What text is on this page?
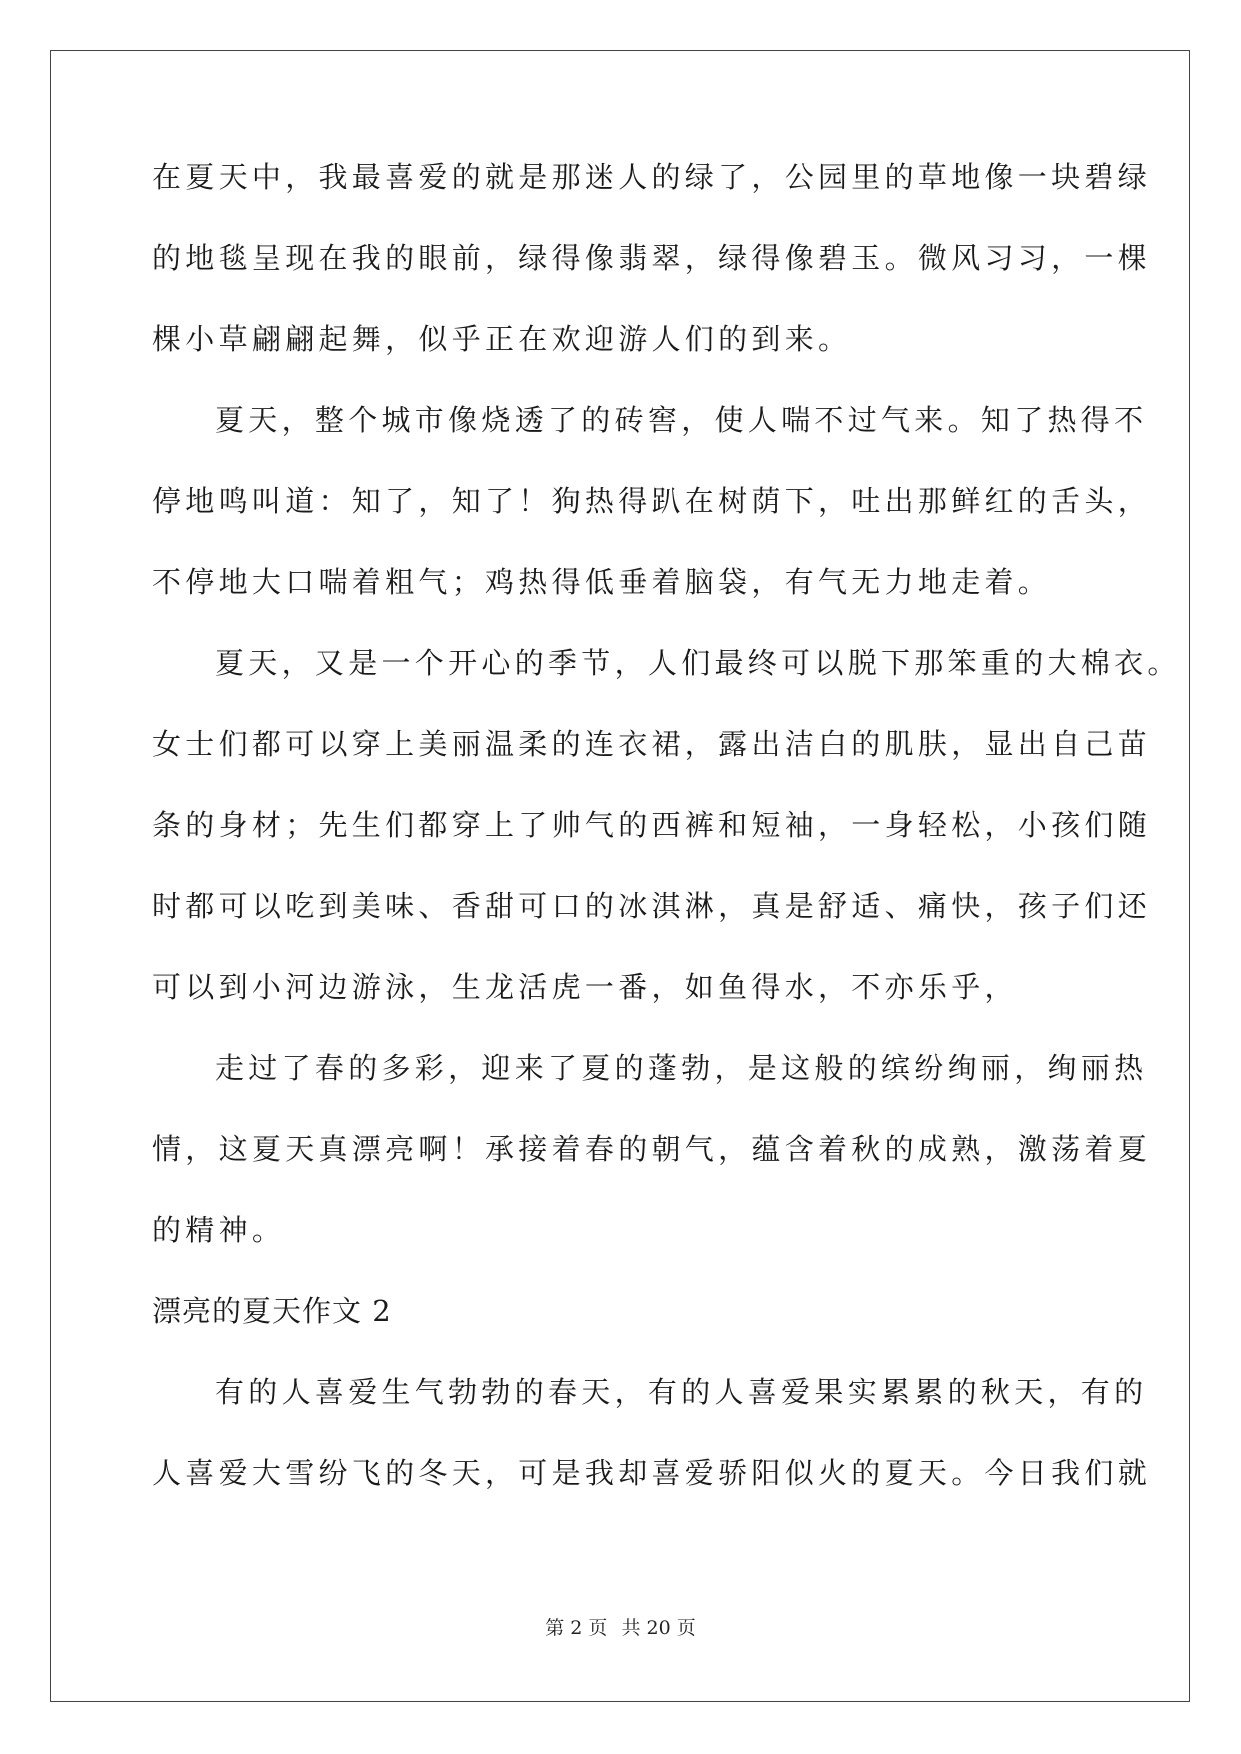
在夏天中，我最喜爱的就是那迷人的绿了，公园里的草地像一块碧绿
的地毯呈现在我的眼前，绿得像翡翠，绿得像碧玉。微风习习，一棵
棵小草翩翩起舞，似乎正在欢迎游人们的到来。
夏天，整个城市像烧透了的砖窖，使人喘不过气来。知了热得不
停地鸣叫道：知了，知了！狗热得趴在树荫下，吐出那鲜红的舌头，
不停地大口喘着粗气；鸡热得低垂着脑袋，有气无力地走着。
夏天，又是一个开心的季节，人们最终可以脱下那笨重的大棉衣。
女士们都可以穿上美丽温柔的连衣裙，露出洁白的肌肤，显出自己苗
条的身材；先生们都穿上了帅气的西裤和短袖，一身轻松，小孩们随
时都可以吃到美味、香甜可口的冰淇淋，真是舒适、痛快，孩子们还
可以到小河边游泳，生龙活虎一番，如鱼得水，不亦乐乎，
走过了春的多彩，迎来了夏的蓬勃，是这般的缤纷绚丽，绚丽热
情，这夏天真漂亮啊！承接着春的朝气，蕴含着秋的成熟，激荡着夏
的精神。
漂亮的夏天作文 2
有的人喜爱生气勃勃的春天，有的人喜爱果实累累的秋天，有的
人喜爱大雪纷飞的冬天，可是我却喜爱骄阳似火的夏天。今日我们就
第 2 页 共 20 页
